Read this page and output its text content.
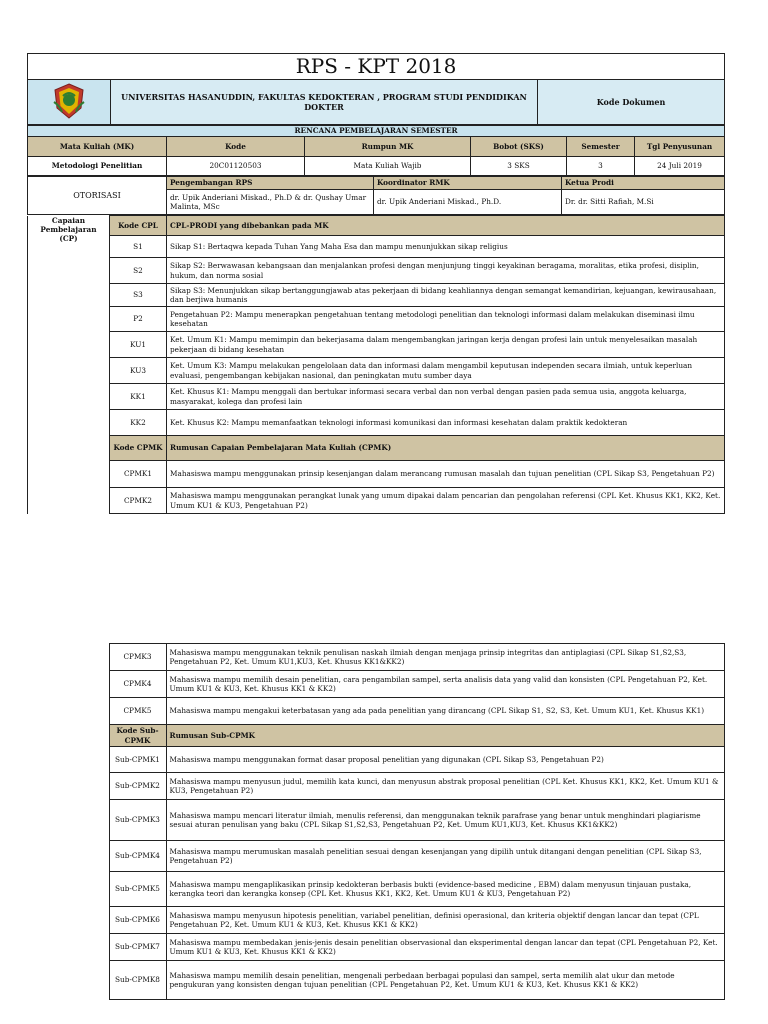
RPS - KPT 2018
	UNIVERSITAS HASANUDDIN, FAKULTAS KEDOKTERAN , PROGRAM STUDI PENDIDIKAN DOKTER	Kode Dokumen
RENCANA PEMBELAJARAN SEMESTER					
Mata Kuliah (MK)	Kode	Rumpun MK	Bobot (SKS)	Semester	Tgl Penyusunan
Metodologi Penelitian	20C01120503	Mata Kuliah Wajib	3 SKS	3	24 Juli 2019
OTORISASI	Pengembangan RPS	Koordinator RMK	Ketua Prodi
	dr. Upik Anderiani Miskad., Ph.D & dr. Qushay Umar Malinta, MSc	dr. Upik Anderiani Miskad., Ph.D.	Dr. dr. Sitti Rafiah, M.Si
Capaian Pembelajaran (CP)	Kode CPL	CPL-PRODI yang dibebankan pada MK
	S1	Sikap S1: Bertaqwa kepada Tuhan Yang Maha Esa dan mampu menunjukkan sikap religius
	S2	Sikap S2: Berwawasan kebangsaan dan menjalankan profesi dengan menjunjung tinggi keyakinan beragama, moralitas, etika profesi, disiplin, hukum, dan norma sosial
	S3	Sikap S3: Menunjukkan sikap bertanggungjawab atas pekerjaan di bidang keahliannya dengan semangat kemandirian, kejuangan, kewirausahaan, dan berjiwa humanis
	P2	Pengetahuan P2: Mampu menerapkan pengetahuan tentang metodologi penelitian dan teknologi informasi dalam melakukan diseminasi ilmu kesehatan
	KU1	Ket. Umum K1: Mampu memimpin dan bekerjasama dalam mengembangkan jaringan kerja dengan profesi lain untuk menyelesaikan masalah pekerjaan di bidang kesehatan
	KU3	Ket. Umum K3: Mampu melakukan pengelolaan data dan informasi dalam mengambil keputusan independen secara ilmiah, untuk keperluan evaluasi, pengembangan kebijakan nasional, dan peningkatan mutu sumber daya
	KK1	Ket. Khusus K1: Mampu menggali dan bertukar informasi secara verbal dan non verbal dengan pasien pada semua usia, anggota keluarga, masyarakat, kolega dan profesi lain
	KK2	Ket. Khusus K2: Mampu memanfaatkan teknologi informasi komunikasi dan informasi kesehatan dalam praktik kedokteran
	Kode CPMK	Rumusan Capaian Pembelajaran Mata Kuliah (CPMK)
	CPMK1	Mahasiswa mampu menggunakan prinsip kesenjangan dalam merancang rumusan masalah dan tujuan penelitian (CPL Sikap S3, Pengetahuan P2)
	CPMK2	Mahasiswa mampu menggunakan perangkat lunak yang umum dipakai dalam pencarian dan pengolahan referensi (CPL Ket. Khusus KK1, KK2, Ket. Umum KU1 & KU3, Pengetahuan P2)
	CPMK3	Mahasiswa mampu menggunakan teknik penulisan naskah ilmiah dengan menjaga prinsip integritas dan antiplagiasi (CPL Sikap S1,S2,S3, Pengetahuan P2, Ket. Umum KU1,KU3, Ket. Khusus KK1&KK2)
	CPMK4	Mahasiswa mampu memilih desain penelitian, cara pengambilan sampel, serta analisis data yang valid dan konsisten (CPL Pengetahuan P2, Ket. Umum KU1 & KU3, Ket. Khusus KK1 & KK2)
	CPMK5	Mahasiswa mampu mengakui keterbatasan yang ada pada penelitian yang dirancang (CPL Sikap S1, S2, S3, Ket. Umum KU1, Ket. Khusus KK1)
	Kode Sub-CPMK	Rumusan Sub-CPMK
	Sub-CPMK1	Mahasiswa mampu menggunakan format dasar proposal penelitian yang digunakan (CPL Sikap S3, Pengetahuan P2)
	Sub-CPMK2	Mahasiswa mampu menyusun judul, memilih kata kunci, dan menyusun abstrak proposal penelitian (CPL Ket. Khusus KK1, KK2, Ket. Umum KU1 & KU3, Pengetahuan P2)
	Sub-CPMK3	Mahasiswa mampu mencari literatur ilmiah, menulis referensi, dan menggunakan teknik parafrase yang benar untuk menghindari plagiarisme sesuai aturan penulisan yang baku (CPL Sikap S1,S2,S3, Pengetahuan P2, Ket. Umum KU1,KU3, Ket. Khusus KK1&KK2)
	Sub-CPMK4	Mahasiswa mampu merumuskan masalah penelitian sesuai dengan kesenjangan yang dipilih untuk ditangani dengan penelitian (CPL Sikap S3, Pengetahuan P2)
	Sub-CPMK5	Mahasiswa mampu mengaplikasikan prinsip kedokteran berbasis bukti (evidence-based medicine , EBM) dalam menyusun tinjauan pustaka, kerangka teori dan kerangka konsep (CPL Ket. Khusus KK1, KK2, Ket. Umum KU1 & KU3, Pengetahuan P2)
	Sub-CPMK6	Mahasiswa mampu menyusun hipotesis penelitian, variabel penelitian, definisi operasional, dan kriteria objektif dengan lancar dan tepat (CPL Pengetahuan P2, Ket. Umum KU1 & KU3, Ket. Khusus KK1 & KK2)
	Sub-CPMK7	Mahasiswa mampu membedakan jenis-jenis desain penelitian observasional dan eksperimental dengan lancar dan tepat (CPL Pengetahuan P2, Ket. Umum KU1 & KU3, Ket. Khusus KK1 & KK2)
	Sub-CPMK8	Mahasiswa mampu memilih desain penelitian, mengenali perbedaan berbagai populasi dan sampel, serta memilih alat ukur dan metode pengukuran yang konsisten dengan tujuan penelitian (CPL Pengetahuan P2, Ket. Umum KU1 & KU3, Ket. Khusus KK1 & KK2)
